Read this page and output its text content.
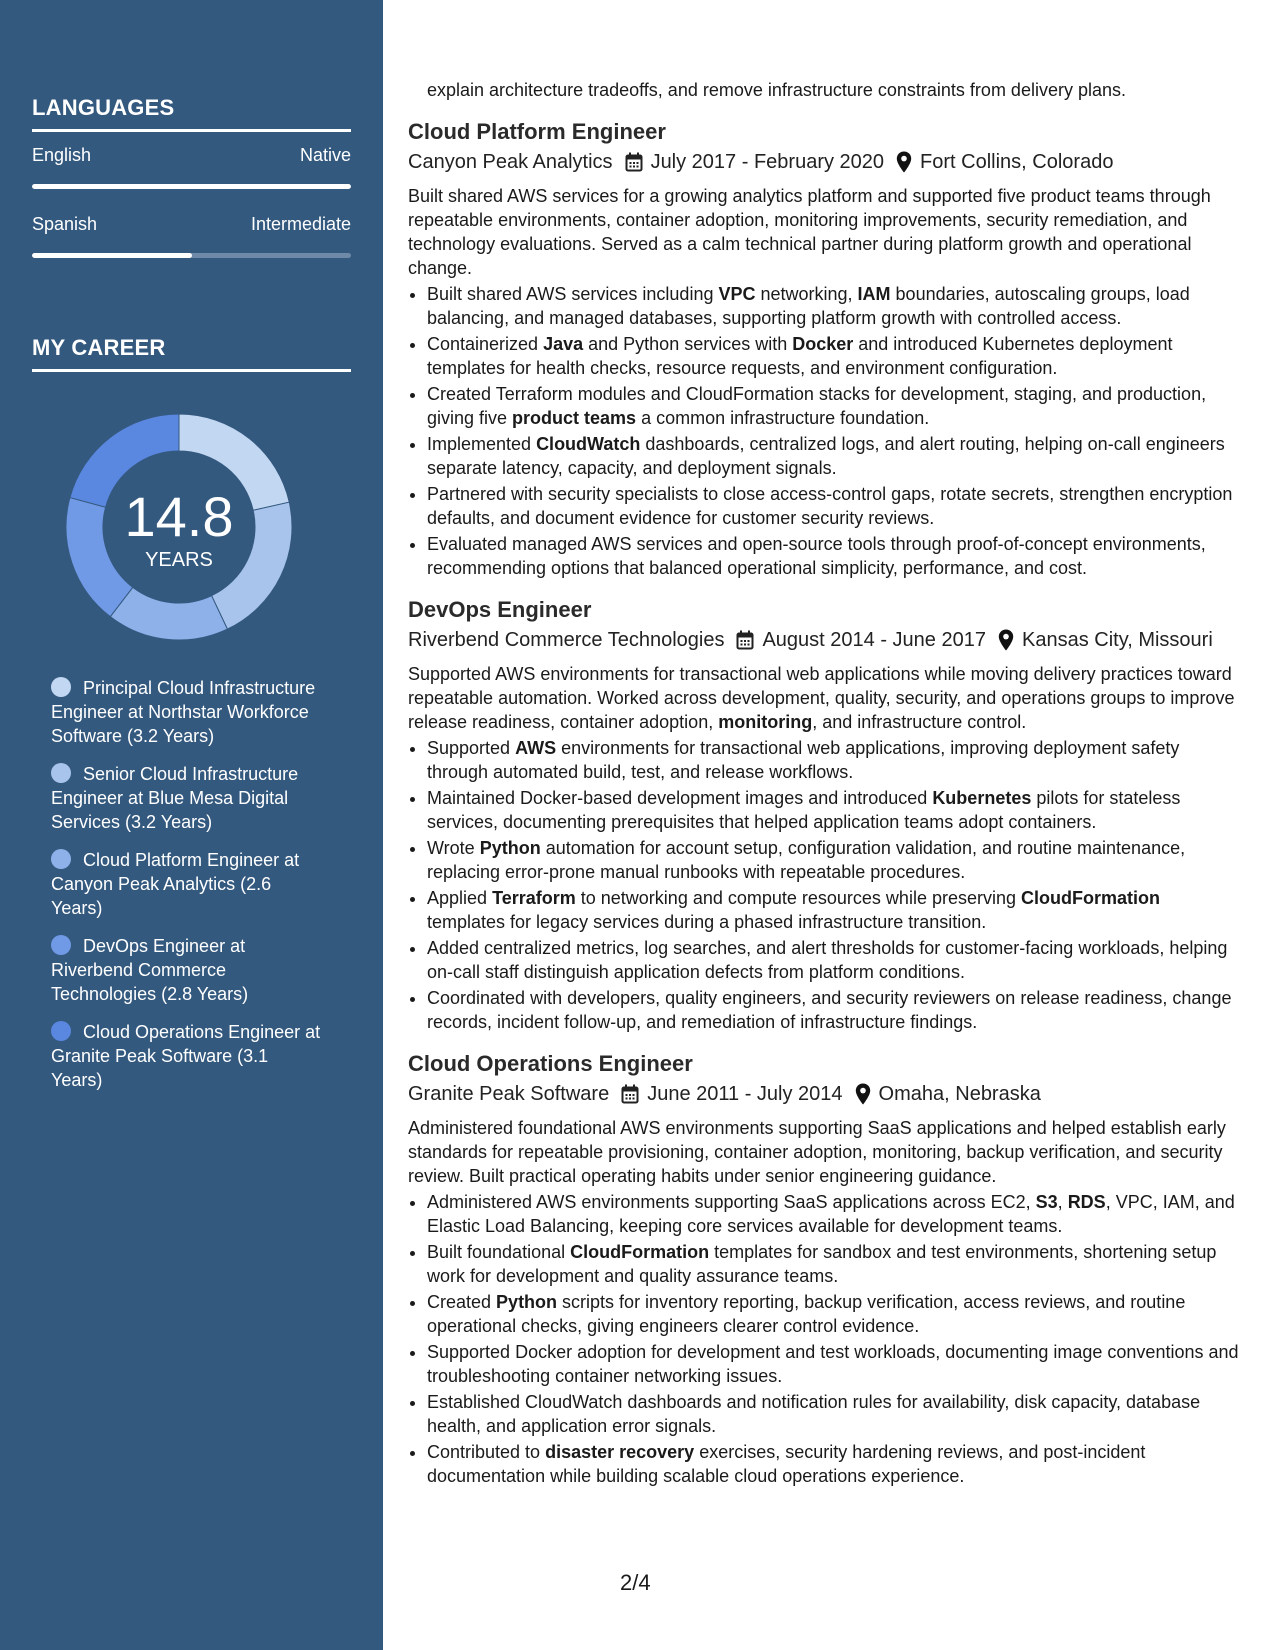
LANGUAGES
English	Native
Spanish	Intermediate
MY CAREER
14.8
YEARS
Principal Cloud Infrastructure Engineer at Northstar Workforce Software (3.2 Years)
Senior Cloud Infrastructure Engineer at Blue Mesa Digital Services (3.2 Years)
Cloud Platform Engineer at Canyon Peak Analytics (2.6 Years)
DevOps Engineer at Riverbend Commerce Technologies (2.8 Years)
Cloud Operations Engineer at Granite Peak Software (3.1 Years)
explain architecture tradeoffs, and remove infrastructure constraints from delivery plans.
Cloud Platform Engineer
Canyon Peak Analytics July 2017 - February 2020 Fort Collins, Colorado
Built shared AWS services for a growing analytics platform and supported five product teams through repeatable environments, container adoption, monitoring improvements, security remediation, and technology evaluations. Served as a calm technical partner during platform growth and operational change.
• Built shared AWS services including VPC networking, IAM boundaries, autoscaling groups, load balancing, and managed databases, supporting platform growth with controlled access.
• Containerized Java and Python services with Docker and introduced Kubernetes deployment templates for health checks, resource requests, and environment configuration.
• Created Terraform modules and CloudFormation stacks for development, staging, and production, giving five product teams a common infrastructure foundation.
• Implemented CloudWatch dashboards, centralized logs, and alert routing, helping on-call engineers separate latency, capacity, and deployment signals.
• Partnered with security specialists to close access-control gaps, rotate secrets, strengthen encryption defaults, and document evidence for customer security reviews.
• Evaluated managed AWS services and open-source tools through proof-of-concept environments, recommending options that balanced operational simplicity, performance, and cost.
DevOps Engineer
Riverbend Commerce Technologies August 2014 - June 2017 Kansas City, Missouri
Supported AWS environments for transactional web applications while moving delivery practices toward repeatable automation. Worked across development, quality, security, and operations groups to improve release readiness, container adoption, monitoring, and infrastructure control.
• Supported AWS environments for transactional web applications, improving deployment safety through automated build, test, and release workflows.
• Maintained Docker-based development images and introduced Kubernetes pilots for stateless services, documenting prerequisites that helped application teams adopt containers.
• Wrote Python automation for account setup, configuration validation, and routine maintenance, replacing error-prone manual runbooks with repeatable procedures.
• Applied Terraform to networking and compute resources while preserving CloudFormation templates for legacy services during a phased infrastructure transition.
• Added centralized metrics, log searches, and alert thresholds for customer-facing workloads, helping on-call staff distinguish application defects from platform conditions.
• Coordinated with developers, quality engineers, and security reviewers on release readiness, change records, incident follow-up, and remediation of infrastructure findings.
Cloud Operations Engineer
Granite Peak Software June 2011 - July 2014 Omaha, Nebraska
Administered foundational AWS environments supporting SaaS applications and helped establish early standards for repeatable provisioning, container adoption, monitoring, backup verification, and security review. Built practical operating habits under senior engineering guidance.
• Administered AWS environments supporting SaaS applications across EC2, S3, RDS, VPC, IAM, and Elastic Load Balancing, keeping core services available for development teams.
• Built foundational CloudFormation templates for sandbox and test environments, shortening setup work for development and quality assurance teams.
• Created Python scripts for inventory reporting, backup verification, access reviews, and routine operational checks, giving engineers clearer control evidence.
• Supported Docker adoption for development and test workloads, documenting image conventions and troubleshooting container networking issues.
• Established CloudWatch dashboards and notification rules for availability, disk capacity, database health, and application error signals.
• Contributed to disaster recovery exercises, security hardening reviews, and post-incident documentation while building scalable cloud operations experience.
2/4
